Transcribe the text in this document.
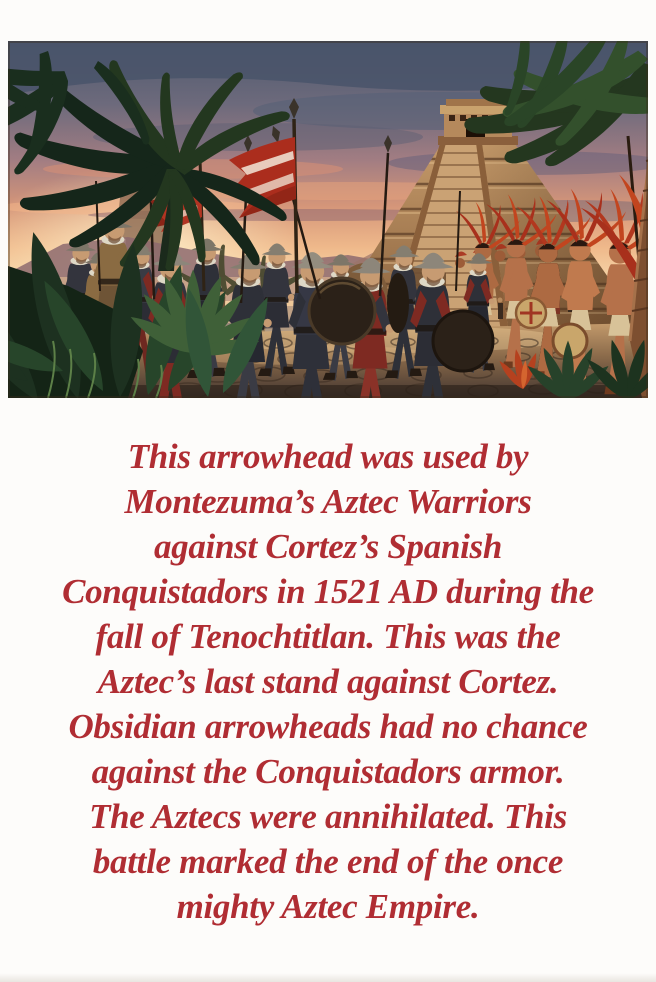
This arrowhead was used by
Montezuma’s Aztec Warriors
against Cortez’s Spanish
Conquistadors in 1521 AD during the
fall of Tenochtitlan. This was the
Aztec’s last stand against Cortez.
Obsidian arrowheads had no chance
against the Conquistadors armor.
The Aztecs were annihilated. This
battle marked the end of the once
mighty Aztec Empire.
